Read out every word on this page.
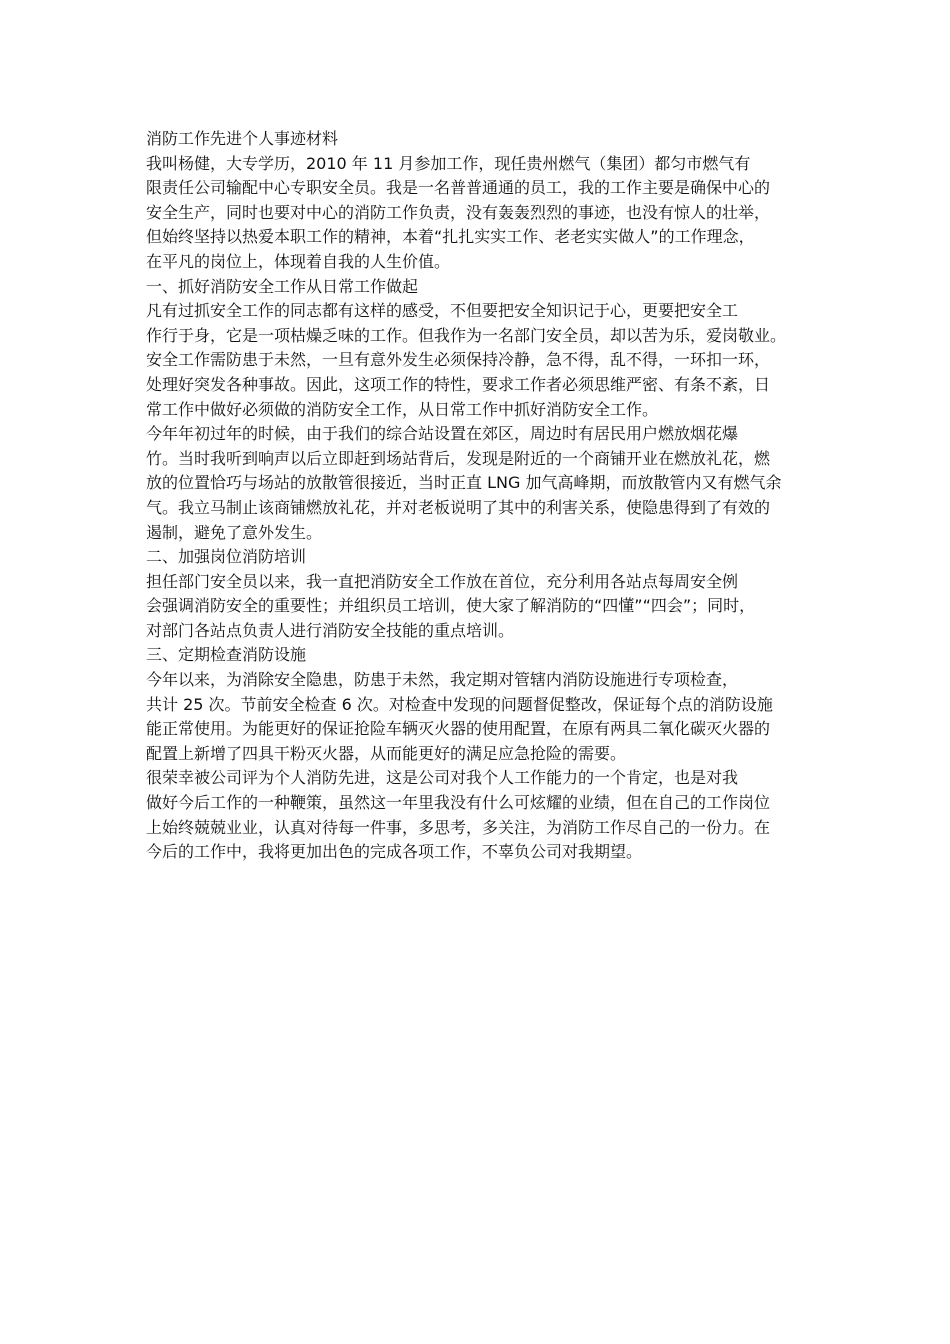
消防工作先进个人事迹材料
我叫杨健，大专学历，2010 年 11 月参加工作，现任贵州燃气（集团）都匀市燃气有
限责任公司输配中心专职安全员。我是一名普普通通的员工，我的工作主要是确保中心的
安全生产，同时也要对中心的消防工作负责，没有轰轰烈烈的事迹，也没有惊人的壮举，
但始终坚持以热爱本职工作的精神，本着“扎扎实实工作、老老实实做人”的工作理念，
在平凡的岗位上，体现着自我的人生价值。
一、抓好消防安全工作从日常工作做起
凡有过抓安全工作的同志都有这样的感受，不但要把安全知识记于心，更要把安全工
作行于身，它是一项枯燥乏味的工作。但我作为一名部门安全员，却以苦为乐，爱岗敬业。
安全工作需防患于未然，一旦有意外发生必须保持冷静，急不得，乱不得，一环扣一环，
处理好突发各种事故。因此，这项工作的特性，要求工作者必须思维严密、有条不紊，日
常工作中做好必须做的消防安全工作，从日常工作中抓好消防安全工作。
今年年初过年的时候，由于我们的综合站设置在郊区，周边时有居民用户燃放烟花爆
竹。当时我听到响声以后立即赶到场站背后，发现是附近的一个商铺开业在燃放礼花，燃
放的位置恰巧与场站的放散管很接近，当时正直 LNG 加气高峰期，而放散管内又有燃气余
气。我立马制止该商铺燃放礼花，并对老板说明了其中的利害关系，使隐患得到了有效的
遏制，避免了意外发生。
二、加强岗位消防培训
担任部门安全员以来，我一直把消防安全工作放在首位，充分利用各站点每周安全例
会强调消防安全的重要性；并组织员工培训，使大家了解消防的“四懂”“四会”；同时，
对部门各站点负责人进行消防安全技能的重点培训。
三、定期检查消防设施
今年以来，为消除安全隐患，防患于未然，我定期对管辖内消防设施进行专项检查，
共计 25 次。节前安全检查 6 次。对检查中发现的问题督促整改，保证每个点的消防设施
能正常使用。为能更好的保证抢险车辆灭火器的使用配置，在原有两具二氧化碳灭火器的
配置上新增了四具干粉灭火器，从而能更好的满足应急抢险的需要。
很荣幸被公司评为个人消防先进，这是公司对我个人工作能力的一个肯定，也是对我
做好今后工作的一种鞭策，虽然这一年里我没有什么可炫耀的业绩，但在自己的工作岗位
上始终兢兢业业，认真对待每一件事，多思考，多关注，为消防工作尽自己的一份力。在
今后的工作中，我将更加出色的完成各项工作，不辜负公司对我期望。
